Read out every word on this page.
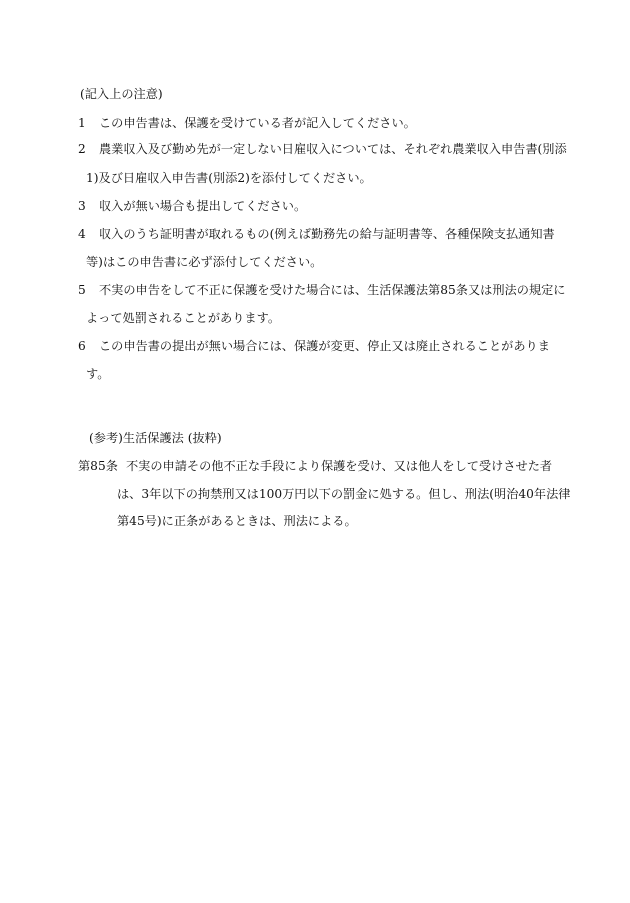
(記入上の注意)
1 この申告書は、保護を受けている者が記入してください。
2 農業収入及び勤め先が一定しない日雇収入については、それぞれ農業収入申告書(別添
1)及び日雇収入申告書(別添2)を添付してください。
3 収入が無い場合も提出してください。
4 収入のうち証明書が取れるもの(例えば勤務先の給与証明書等、各種保険支払通知書
等)はこの申告書に必ず添付してください。
5 不実の申告をして不正に保護を受けた場合には、生活保護法第85条又は刑法の規定に
よって処罰されることがあります。
6 この申告書の提出が無い場合には、保護が変更、停止又は廃止されることがありま
す。
(参考)生活保護法 (抜粋)
第85条 不実の申請その他不正な手段により保護を受け、又は他人をして受けさせた者
は、3年以下の拘禁刑又は100万円以下の罰金に処する。但し、刑法(明治40年法律
第45号)に正条があるときは、刑法による。
